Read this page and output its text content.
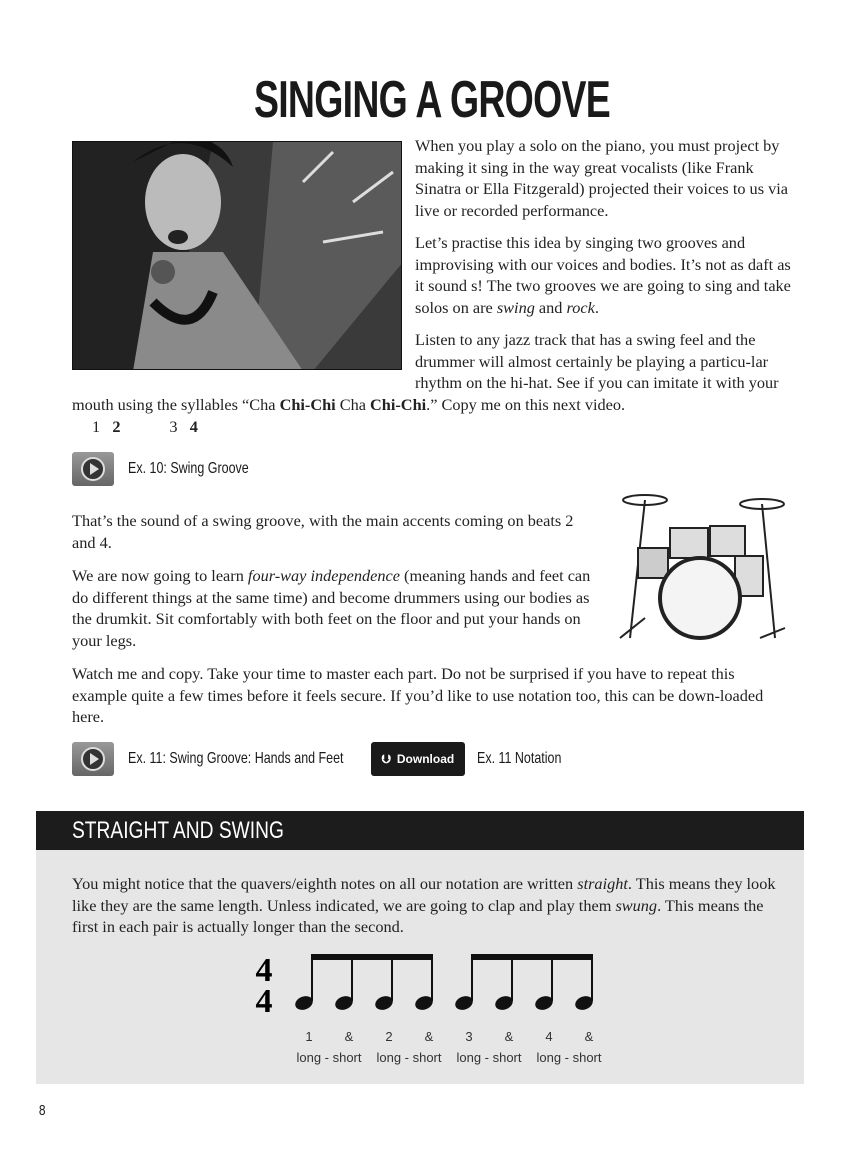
SINGING A GROOVE

When you play a solo on the piano, you must project by making it sing in the way great vocalists (like Frank Sinatra or Ella Fitzgerald) projected their voices to us via live or recorded performance.

Let’s practise this idea by singing two grooves and improvising with our voices and bodies. It’s not as daft as it sound s! The two grooves we are going to sing and take solos on are swing and rock.

Listen to any jazz track that has a swing feel and the drummer will almost certainly be playing a particu-lar rhythm on the hi-hat. See if you can imitate it with your mouth using the syllables “Cha Chi-Chi Cha Chi-Chi.” Copy me on this next video.

1 2	3 4
Ex. 10: Swing Groove

That’s the sound of a swing groove, with the main accents coming on beats 2 and 4.

We are now going to learn four-way independence (meaning hands and feet can do different things at the same time) and become drummers using our bodies as the drumkit. Sit comfortably with both feet on the floor and put your hands on your legs.

Watch me and copy. Take your time to master each part. Do not be surprised if you have to repeat this example quite a few times before it feels secure. If you’d like to use notation too, this can be down-loaded here.

Ex. 11: Swing Groove: Hands and Feet	⮋ Download Ex. 11 Notation
STRAIGHT AND SWING

You might notice that the quavers/eighth notes on all our notation are written straight. This means they look like they are the same length. Unless indicated, we are going to clap and play them swung. This means the first in each pair is actually longer than the second.

4
4
1 & 2 & 3 & 4 &
long - short long - short long - short long - short
8
